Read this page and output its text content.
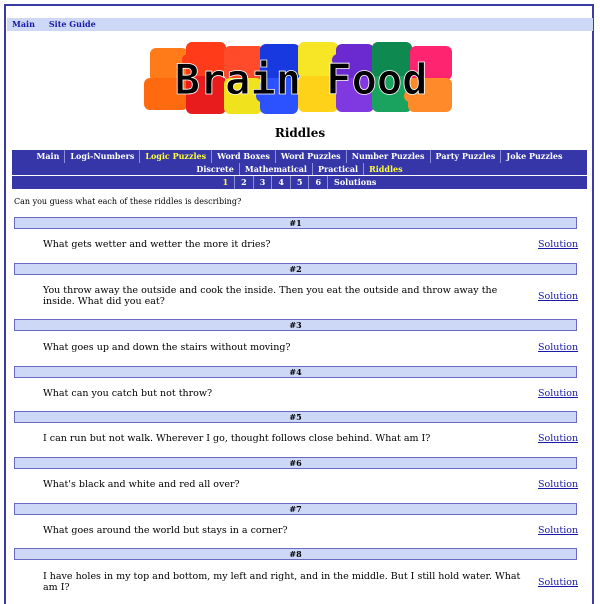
Main Site Guide
Brain Food
Riddles
Main	Logi-Numbers	Logic Puzzles	Word Boxes	Word Puzzles	Number Puzzles	Party Puzzles	Joke Puzzles
Discrete	Mathematical	Practical	Riddles
1	2	3	4	5	6	Solutions
Can you guess what each of these riddles is describing?
#1
What gets wetter and wetter the more it dries?	Solution
#2
You throw away the outside and cook the inside. Then you eat the outside and throw away the inside. What did you eat?	Solution
#3
What goes up and down the stairs without moving?	Solution
#4
What can you catch but not throw?	Solution
#5
I can run but not walk. Wherever I go, thought follows close behind. What am I?	Solution
#6
What's black and white and red all over?	Solution
#7
What goes around the world but stays in a corner?	Solution
#8
I have holes in my top and bottom, my left and right, and in the middle. But I still hold water. What am I?	Solution
